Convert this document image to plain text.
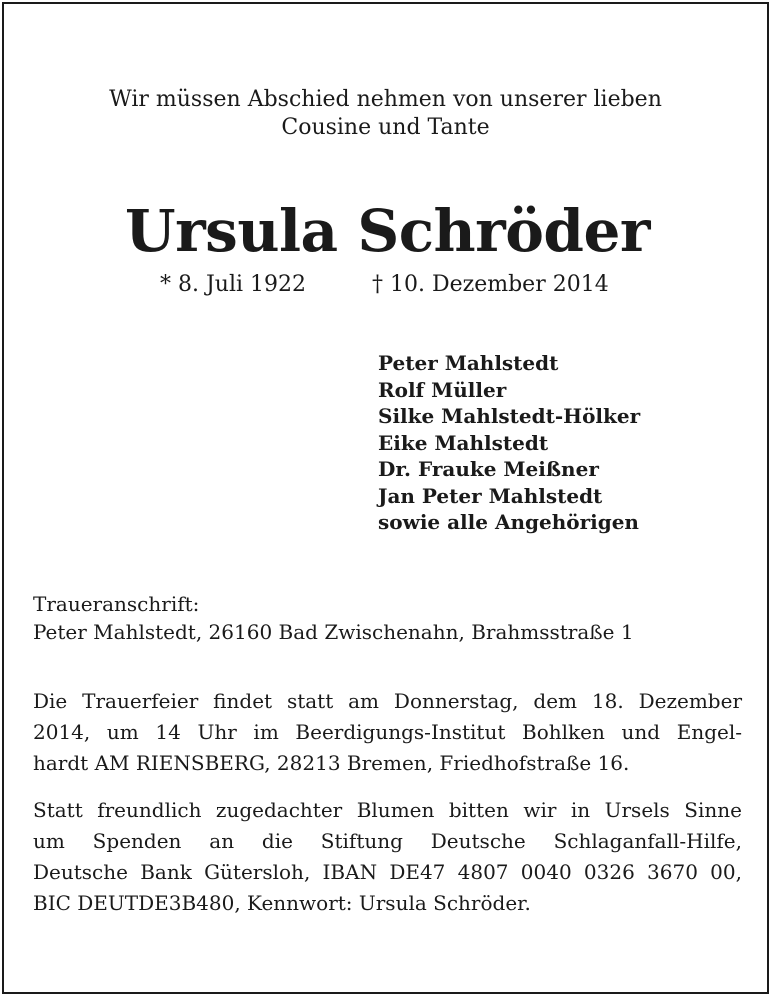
Wir müssen Abschied nehmen von unserer lieben
Cousine und Tante
Ursula Schröder
* 8. Juli 1922	† 10. Dezember 2014
Peter Mahlstedt
Rolf Müller
Silke Mahlstedt-Hölker
Eike Mahlstedt
Dr. Frauke Meißner
Jan Peter Mahlstedt
sowie alle Angehörigen
Traueranschrift:
Peter Mahlstedt, 26160 Bad Zwischenahn, Brahmsstraße 1
Die Trauerfeier findet statt am Donnerstag, dem 18. Dezember
2014, um 14 Uhr im Beerdigungs-Institut Bohlken und Engel-
hardt AM RIENSBERG, 28213 Bremen, Friedhofstraße 16.
Statt freundlich zugedachter Blumen bitten wir in Ursels Sinne
um Spenden an die Stiftung Deutsche Schlaganfall-Hilfe,
Deutsche Bank Gütersloh, IBAN DE47 4807 0040 0326 3670 00,
BIC DEUTDE3B480, Kennwort: Ursula Schröder.
